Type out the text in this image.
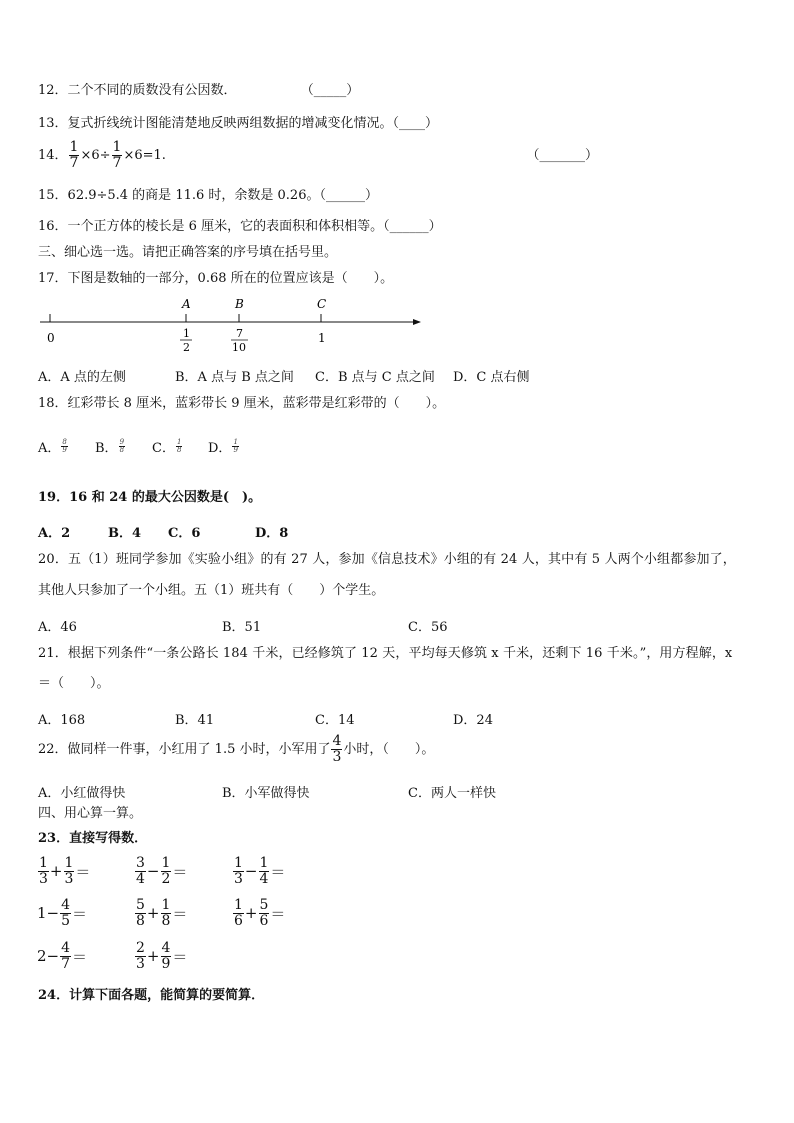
12．二个不同的质数没有公因数．	（_____）
13．复式折线统计图能清楚地反映两组数据的增减变化情况。（____）
14． $\frac{1}{7} \times 6\div \frac{1}{7} \times 6=1$.	（_______）
15．62.9÷5.4 的商是 11.6 时，余数是 0.26。（______）
16．一个正方体的棱长是 6 厘米，它的表面积和体积相等。（______）
三、细心选一选。请把正确答案的序号填在括号里。
17．下图是数轴的一部分，0.68 所在的位置应该是（　　）。
A	B	C
0	1
2
7
10
1
A．A 点的左侧	B．A 点与 B 点之间 C．B 点与 C 点之间 D．C 点右侧
18．红彩带长 8 厘米，蓝彩带长 9 厘米，蓝彩带是红彩带的（　　）。
A． $\frac{8}{9}$ B． $\frac{9}{8}$ C． $\frac{1}{8}$ D． $\frac{1}{9}$
19．16 和 24 的最大公因数是(　)。
A．2	B．4 C．6	D．8
20．五（1）班同学参加《实验小组》的有 27 人，参加《信息技术》小组的有 24 人，其中有 5 人两个小组都参加了，
其他人只参加了一个小组。五（1）班共有（　　）个学生。
A．46	B．51	C．56
21．根据下列条件“一条公路长 184 千米，已经修筑了 12 天，平均每天修筑 x 千米，还剩下 16 千米。”，用方程解，x
＝（　　）。
A．168	B．41	C．14	D．24
22．做同样一件事，小红用了 1.5 小时，小军用了 $\frac{4}{3}$ 小时，（　　）。
A．小红做得快	B．小军做得快	C．两人一样快
四、用心算一算。
23．直接写得数．
$\frac{1}{3} + \frac{1}{3}$ ＝	$\frac{3}{4} - \frac{1}{2}$ ＝	$\frac{1}{3} - \frac{1}{4}$ ＝
$1 - \frac{4}{5}$ ＝	$\frac{5}{8} + \frac{1}{8}$ ＝	$\frac{1}{6} + \frac{5}{6}$ ＝
$2 - \frac{4}{7}$ ＝	$\frac{2}{3} + \frac{4}{9}$ ＝
24．计算下面各题，能简算的要简算．
